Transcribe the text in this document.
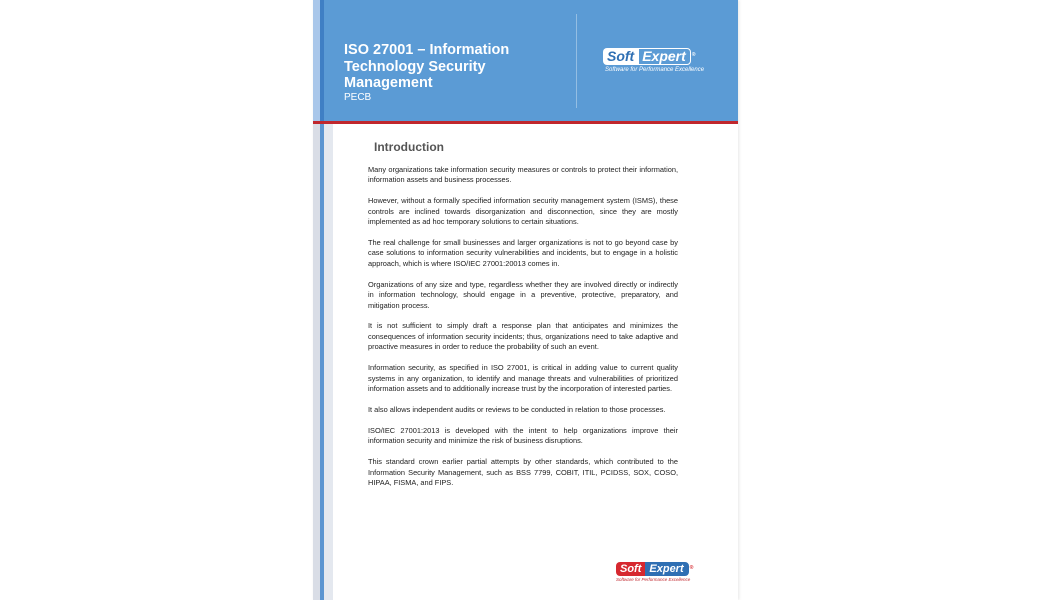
ISO 27001 – Information Technology Security Management
PECB
Soft Expert	®
Software for Performance Excellence
Introduction

Many organizations take information security measures or controls to protect their information, information assets and business processes.

However, without a formally specified information security management system (ISMS), these controls are inclined towards disorganization and disconnection, since they are mostly implemented as ad hoc temporary solutions to certain situations.

The real challenge for small businesses and larger organizations is not to go beyond case by case solutions to information security vulnerabilities and incidents, but to engage in a holistic approach, which is where ISO/IEC 27001:20013 comes in.

Organizations of any size and type, regardless whether they are involved directly or indirectly in information technology, should engage in a preventive, protective, preparatory, and mitigation process.

It is not sufficient to simply draft a response plan that anticipates and minimizes the consequences of information security incidents; thus, organizations need to take adaptive and proactive measures in order to reduce the probability of such an event.

Information security, as specified in ISO 27001, is critical in adding value to current quality systems in any organization, to identify and manage threats and vulnerabilities of prioritized information assets and to additionally increase trust by the incorporation of interested parties.

It also allows independent audits or reviews to be conducted in relation to those processes.

ISO/IEC 27001:2013 is developed with the intent to help organizations improve their information security and minimize the risk of business disruptions.

This standard crown earlier partial attempts by other standards, which contributed to the Information Security Management, such as BSS 7799, COBIT, ITIL, PCIDSS, SOX, COSO, HIPAA, FISMA, and FIPS.

Soft Expert	®
Software for Performance Excellence
